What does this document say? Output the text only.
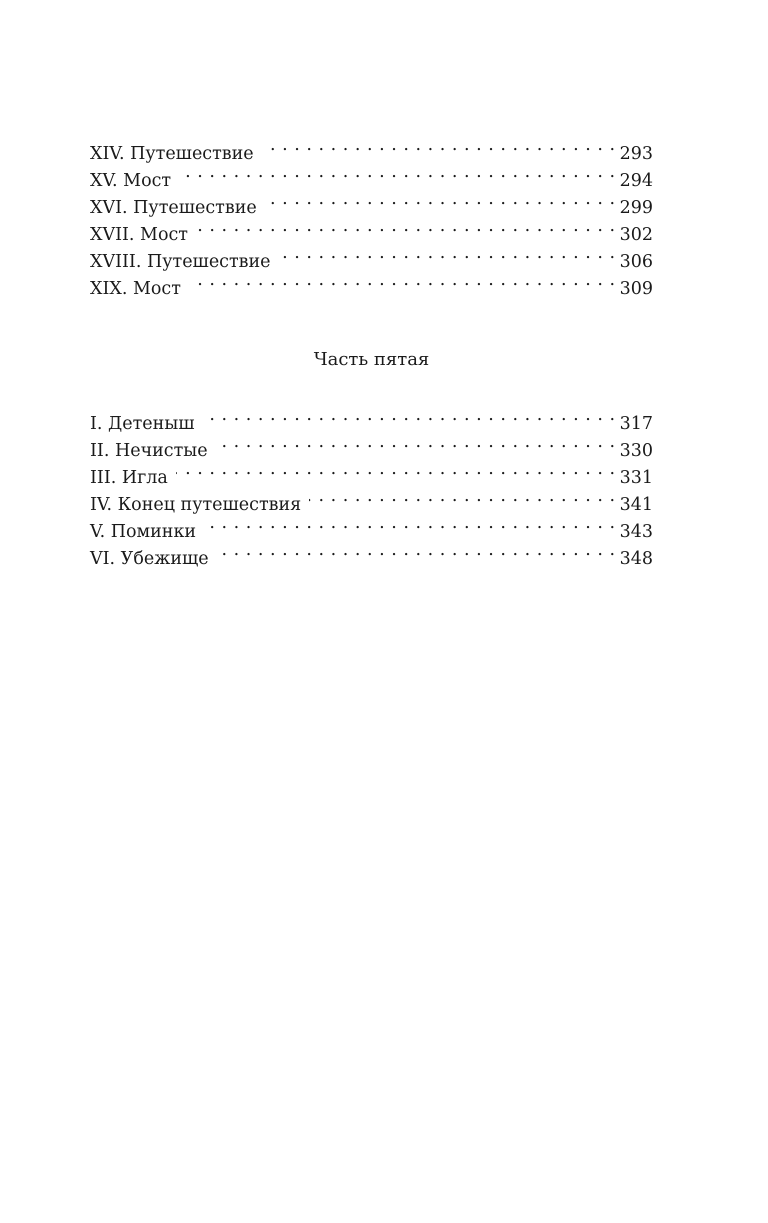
XIV. Путешествие . . .	293
XV. Мост . . .	294
XVI. Путешествие . . .	299
XVII. Мост . . .	302
XVIII. Путешествие . . .	306
XIX. Мост . . .	309
Часть пятая
I. Детеныш . . .	317
II. Нечистые . . .	330
III. Игла . . .	331
IV. Конец путешествия . . .	341
V. Поминки . . .	343
VI. Убежище . . .	348
